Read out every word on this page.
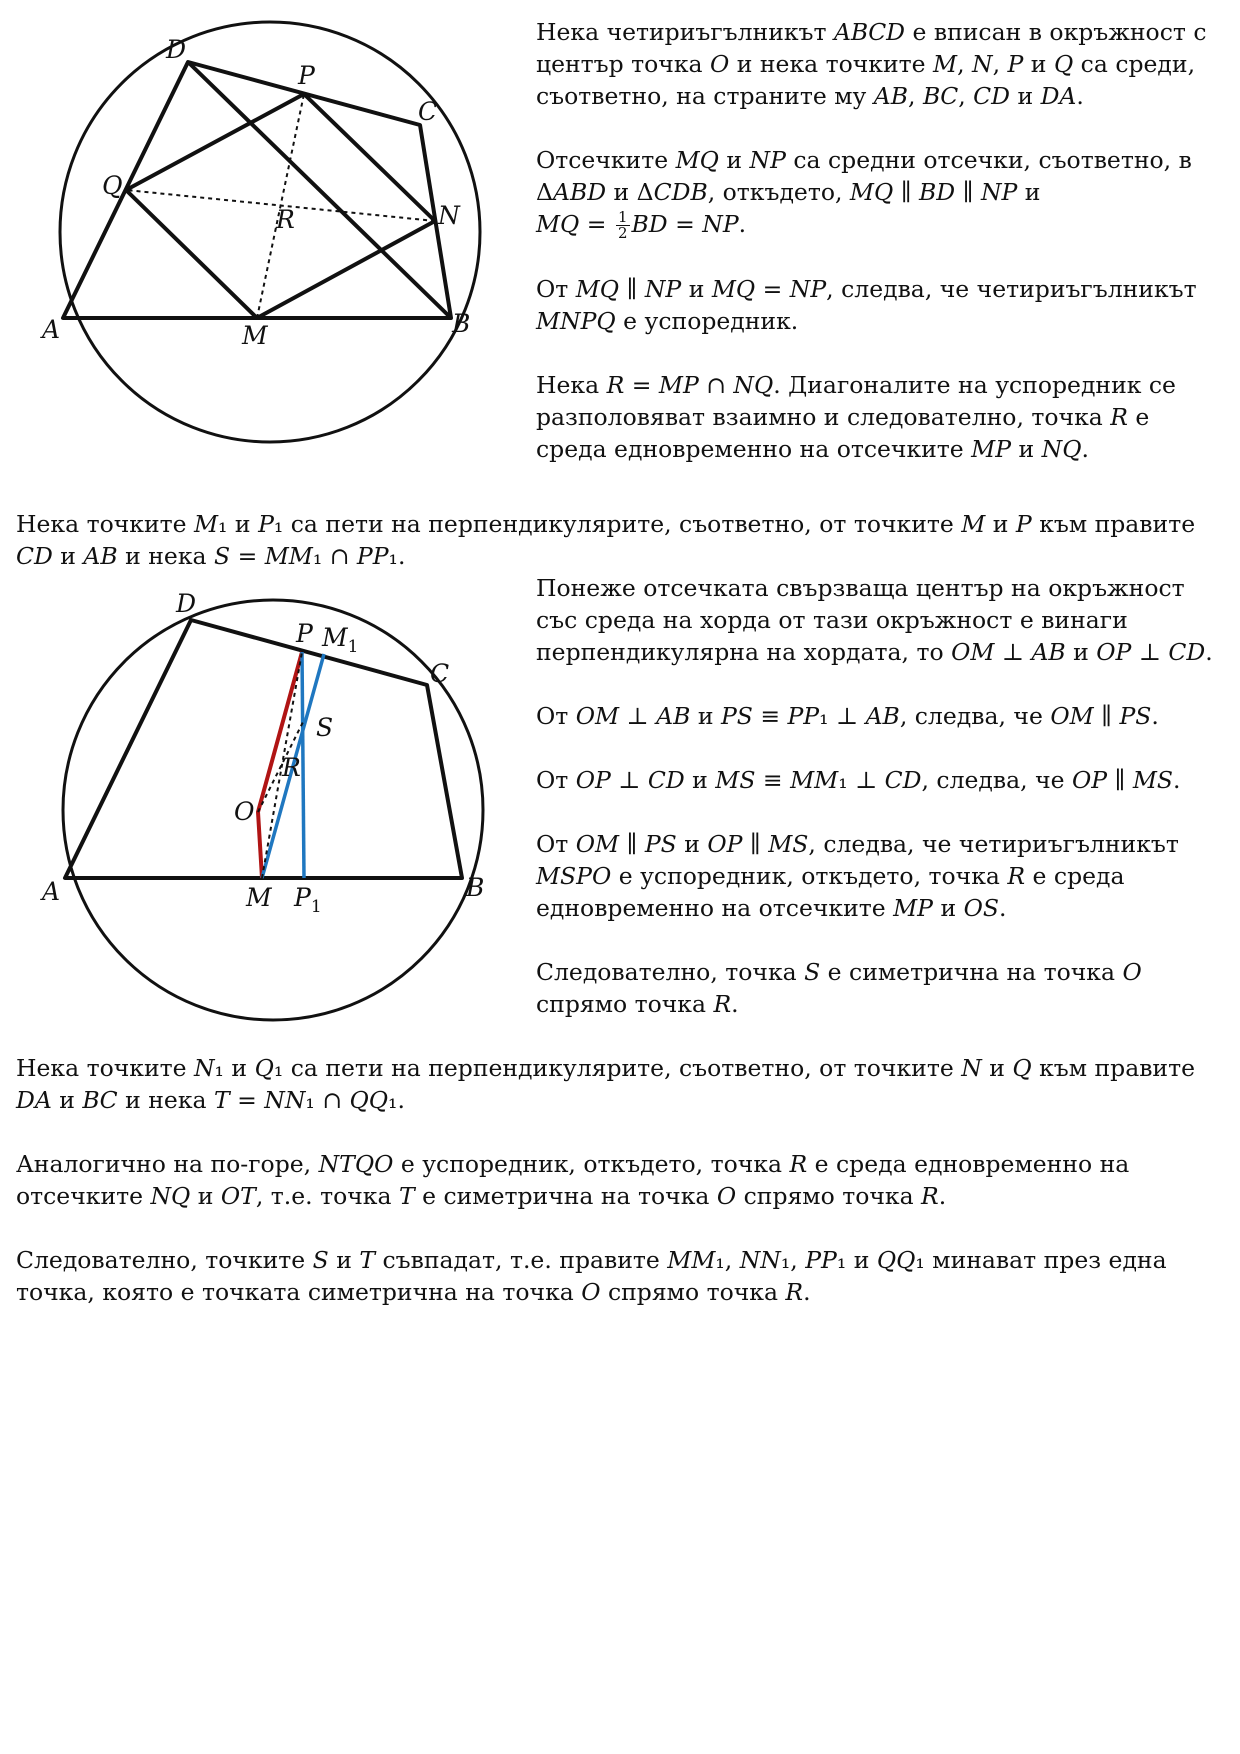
A	B
C
D
M
N
P
Q
R

Нека четириъгълникът 𝐴𝐵𝐶𝐷 е вписан в окръжност с център точка 𝑂 и нека точките 𝑀, 𝑁, 𝑃 и 𝑄 са среди, съответно, на страните му 𝐴𝐵, 𝐵𝐶, 𝐶𝐷 и 𝐷𝐴.

Отсечките 𝑀𝑄 и 𝑁𝑃 са средни отсечки, съответно, в
Δ𝐴𝐵𝐷 и Δ𝐶𝐷𝐵, откъдето, 𝑀𝑄 ∥ 𝐵𝐷 ∥ 𝑁𝑃 и
𝑀𝑄 = $\frac{1}{2}$ 𝐵𝐷 = 𝑁𝑃.

От 𝑀𝑄 ∥ 𝑁𝑃 и 𝑀𝑄 = 𝑁𝑃, следва, че четириъгълникът 𝑀𝑁𝑃𝑄 е успоредник.

Нека 𝑅 = 𝑀𝑃 ∩ 𝑁𝑄. Диагоналите на успоредник се разполовяват взаимно и следователно, точка 𝑅 е среда едновременно на отсечките 𝑀𝑃 и 𝑁𝑄.

Нека точките 𝑀₁ и 𝑃₁ са пети на перпендикулярите, съответно, от точките 𝑀 и 𝑃 към правите 𝐶𝐷 и 𝐴𝐵 и нека 𝑆 = 𝑀𝑀₁ ∩ 𝑃𝑃₁.

A	B
C
D
P $M_1$
S
R
O
M $P_1$

Понеже отсечката свързваща център на окръжност със среда на хорда от тази окръжност е винаги перпендикулярна на хордата, то 𝑂𝑀 ⊥ 𝐴𝐵 и 𝑂𝑃 ⊥ 𝐶𝐷.

От 𝑂𝑀 ⊥ 𝐴𝐵 и 𝑃𝑆 ≡ 𝑃𝑃₁ ⊥ 𝐴𝐵, следва, че 𝑂𝑀 ∥ 𝑃𝑆.

От 𝑂𝑃 ⊥ 𝐶𝐷 и 𝑀𝑆 ≡ 𝑀𝑀₁ ⊥ 𝐶𝐷, следва, че 𝑂𝑃 ∥ 𝑀𝑆.

От 𝑂𝑀 ∥ 𝑃𝑆 и 𝑂𝑃 ∥ 𝑀𝑆, следва, че четириъгълникът 𝑀𝑆𝑃𝑂 е успоредник, откъдето, точка 𝑅 е среда едновременно на отсечките 𝑀𝑃 и 𝑂𝑆.

Следователно, точка 𝑆 е симетрична на точка 𝑂 спрямо точка 𝑅.

Нека точките 𝑁₁ и 𝑄₁ са пети на перпендикулярите, съответно, от точките 𝑁 и 𝑄 към правите 𝐷𝐴 и 𝐵𝐶 и нека 𝑇 = 𝑁𝑁₁ ∩ 𝑄𝑄₁.

Аналогично на по-горе, 𝑁𝑇𝑄𝑂 е успоредник, откъдето, точка 𝑅 е среда едновременно на отсечките 𝑁𝑄 и 𝑂𝑇, т.е. точка 𝑇 е симетрична на точка 𝑂 спрямо точка 𝑅.

Следователно, точките 𝑆 и 𝑇 съвпадат, т.е. правите 𝑀𝑀₁, 𝑁𝑁₁, 𝑃𝑃₁ и 𝑄𝑄₁ минават през една точка, която е точката симетрична на точка 𝑂 спрямо точка 𝑅.
